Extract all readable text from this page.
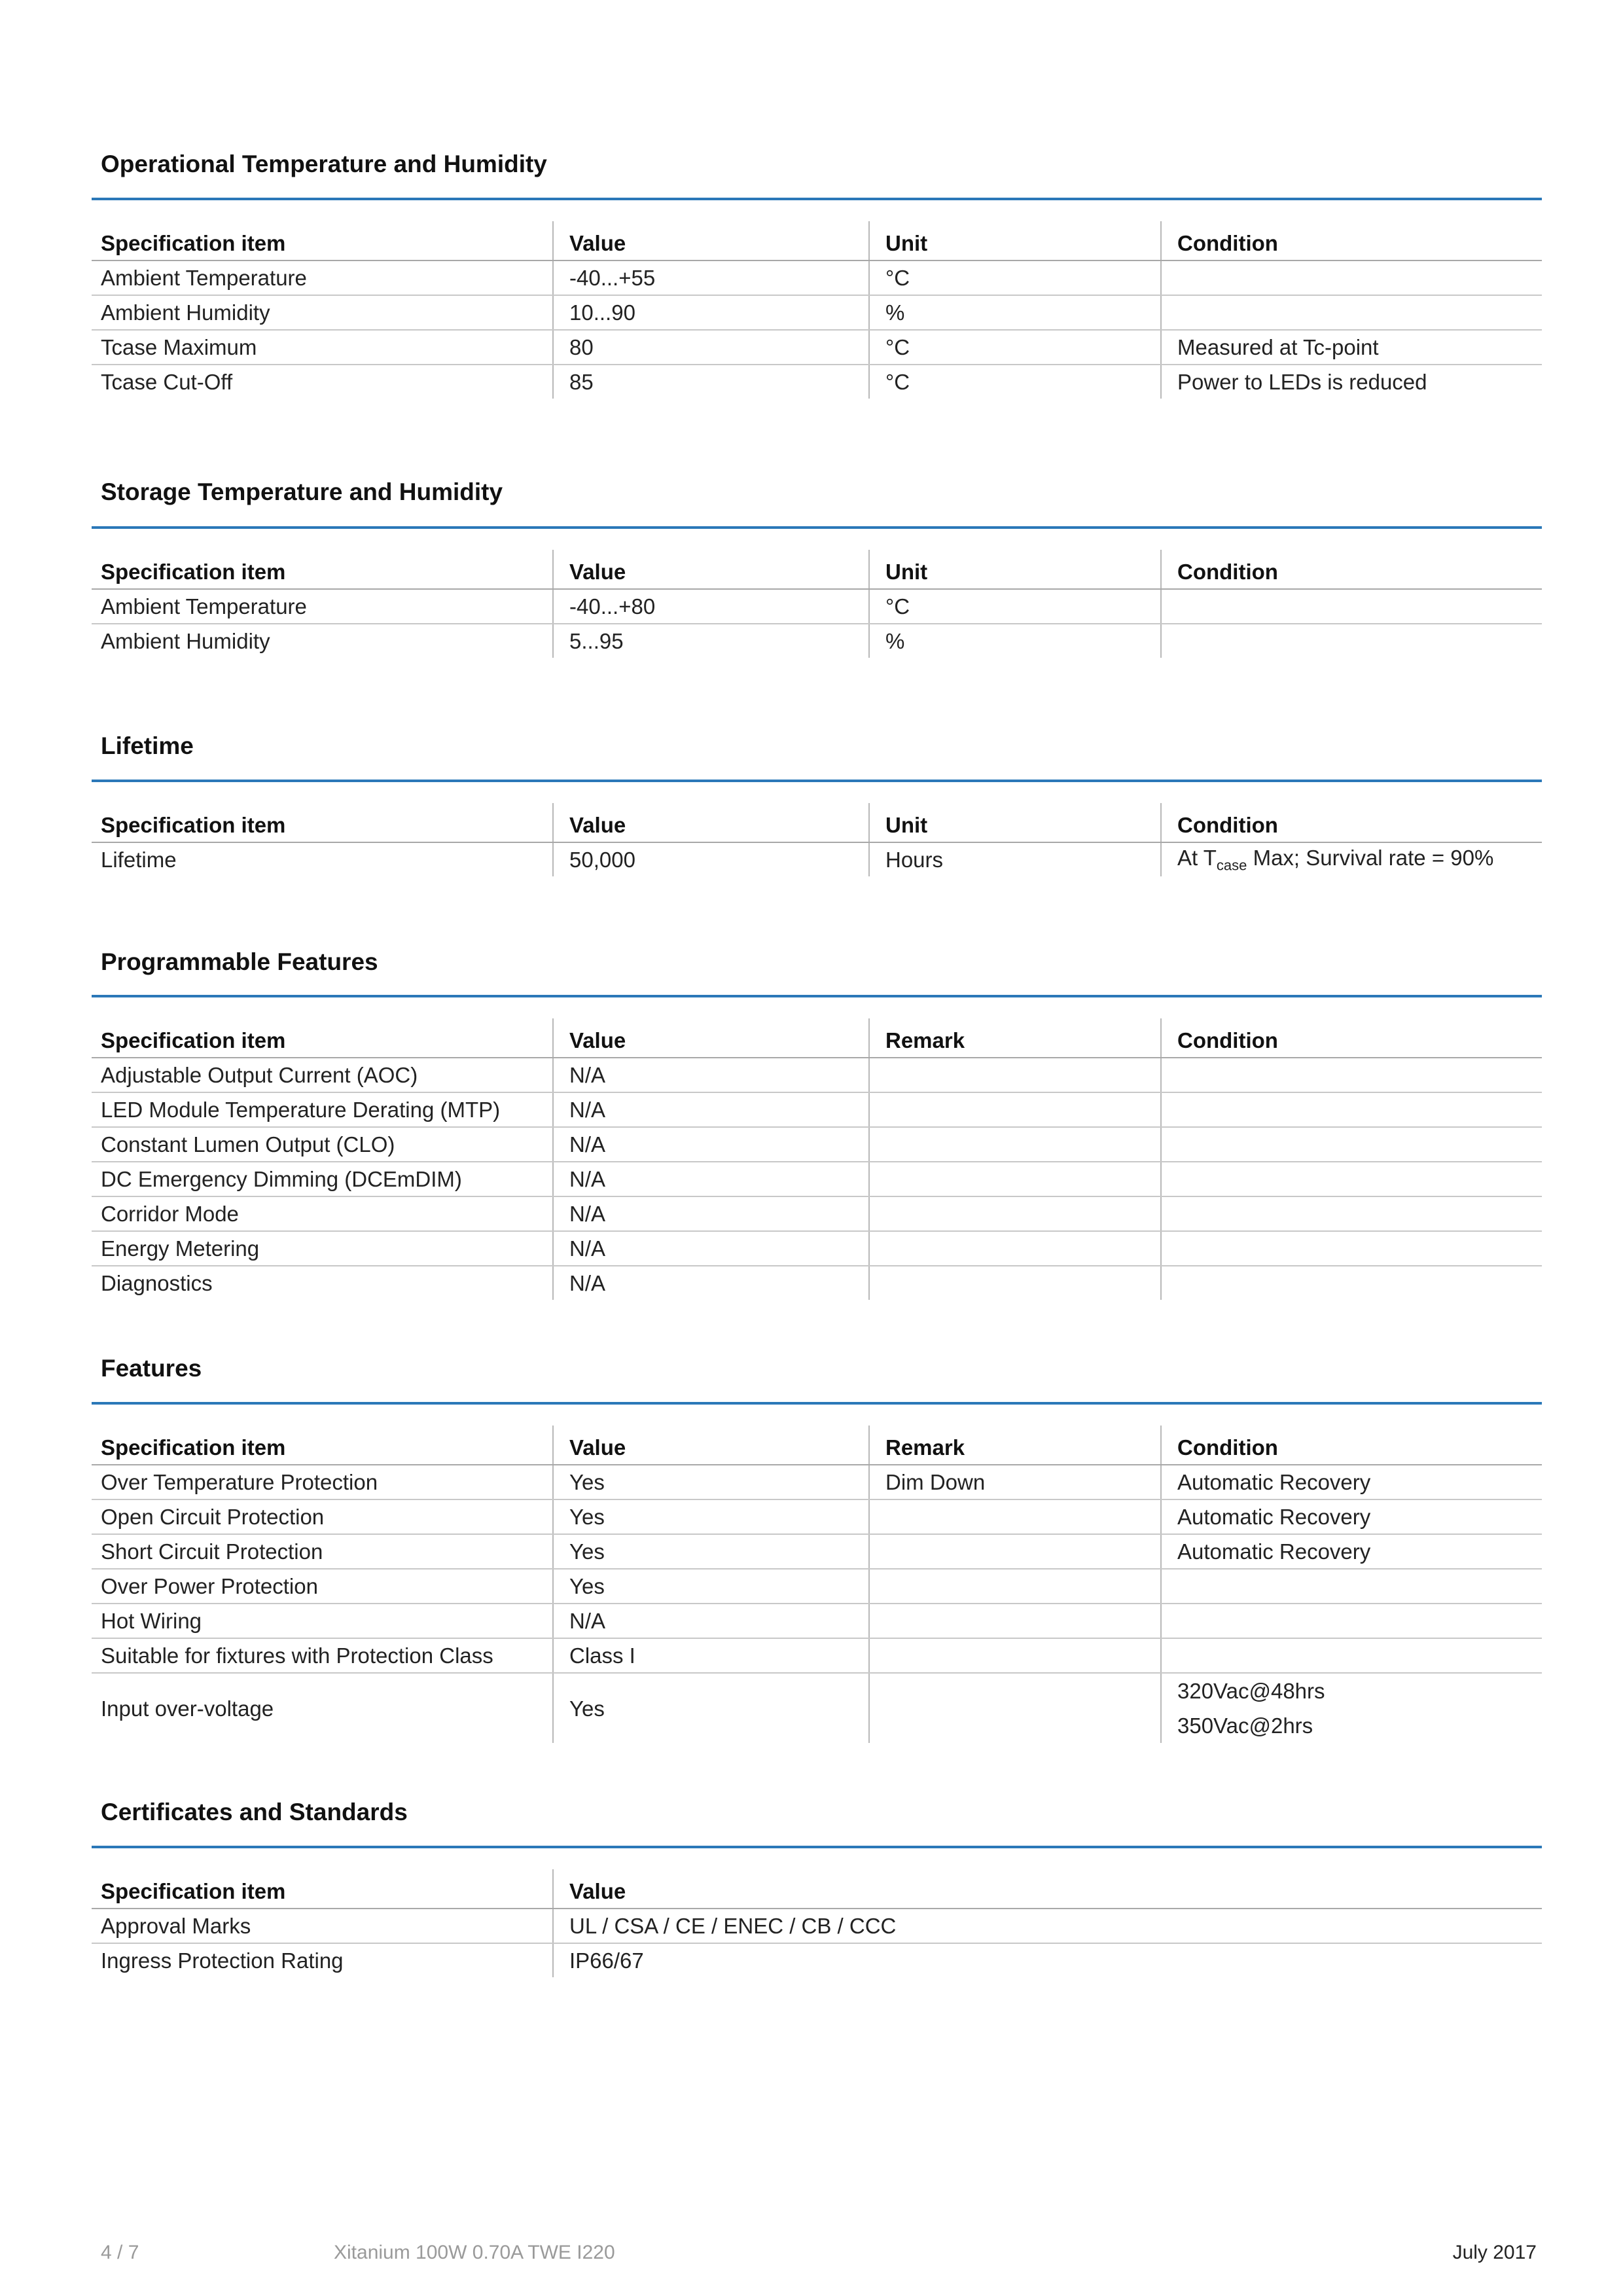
Operational Temperature and Humidity
Specification item	Value	Unit	Condition
Ambient Temperature	-40...+55	°C	
Ambient Humidity	10...90	%	
Tcase Maximum	80	°C	Measured at Tc-point
Tcase Cut-Off	85	°C	Power to LEDs is reduced
Storage Temperature and Humidity
Specification item	Value	Unit	Condition
Ambient Temperature	-40...+80	°C	
Ambient Humidity	5...95	%	
Lifetime
Specification item	Value	Unit	Condition
Lifetime	50,000	Hours	At $T_{case}$ Max; Survival rate = 90%
Programmable Features
Specification item	Value	Remark	Condition
Adjustable Output Current (AOC)	N/A		
LED Module Temperature Derating (MTP)	N/A		
Constant Lumen Output (CLO)	N/A		
DC Emergency Dimming (DCEmDIM)	N/A		
Corridor Mode	N/A		
Energy Metering	N/A		
Diagnostics	N/A		
Features
Specification item	Value	Remark	Condition
Over Temperature Protection	Yes	Dim Down	Automatic Recovery
Open Circuit Protection	Yes		Automatic Recovery
Short Circuit Protection	Yes		Automatic Recovery
Over Power Protection	Yes		
Hot Wiring	N/A		
Suitable for fixtures with Protection Class	Class I		
Input over-voltage	Yes		320Vac@48hrs
350Vac@2hrs
Certificates and Standards
Specification item	Value
Approval Marks	UL / CSA / CE / ENEC / CB / CCC
Ingress Protection Rating	IP66/67
4 / 7	Xitanium 100W 0.70A TWE I220	July 2017
